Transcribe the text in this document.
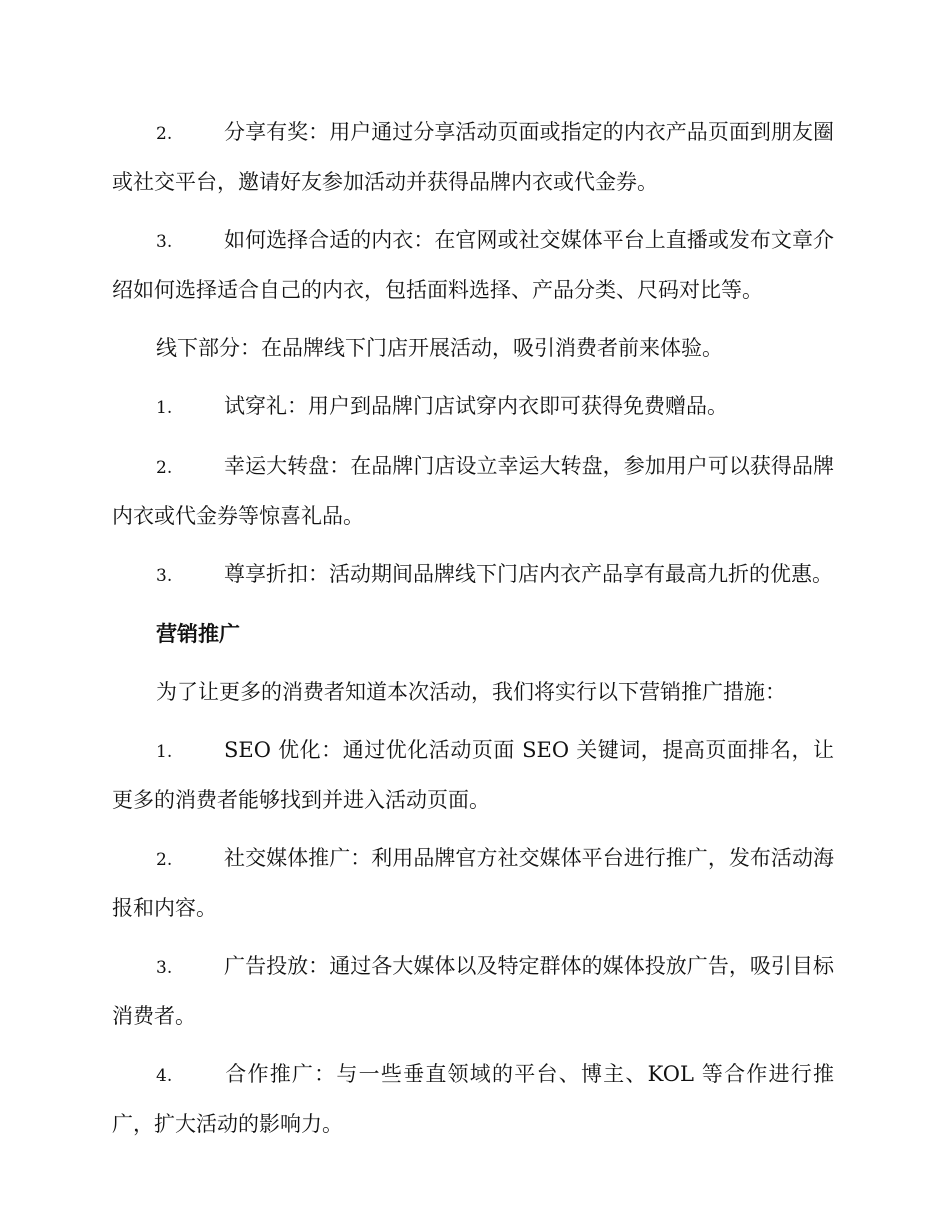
2. 分享有奖：用户通过分享活动页面或指定的内衣产品页面到朋友圈或社交平台，邀请好友参加活动并获得品牌内衣或代金券。

3. 如何选择合适的内衣：在官网或社交媒体平台上直播或发布文章介绍如何选择适合自己的内衣，包括面料选择、产品分类、尺码对比等。

线下部分：在品牌线下门店开展活动，吸引消费者前来体验。

1. 试穿礼：用户到品牌门店试穿内衣即可获得免费赠品。

2. 幸运大转盘：在品牌门店设立幸运大转盘，参加用户可以获得品牌内衣或代金券等惊喜礼品。

3. 尊享折扣：活动期间品牌线下门店内衣产品享有最高九折的优惠。

营销推广

为了让更多的消费者知道本次活动，我们将实行以下营销推广措施：

1. SEO 优化：通过优化活动页面 SEO 关键词，提高页面排名，让更多的消费者能够找到并进入活动页面。

2. 社交媒体推广：利用品牌官方社交媒体平台进行推广，发布活动海报和内容。

3. 广告投放：通过各大媒体以及特定群体的媒体投放广告，吸引目标消费者。

4. 合作推广：与一些垂直领域的平台、博主、KOL 等合作进行推广，扩大活动的影响力。
